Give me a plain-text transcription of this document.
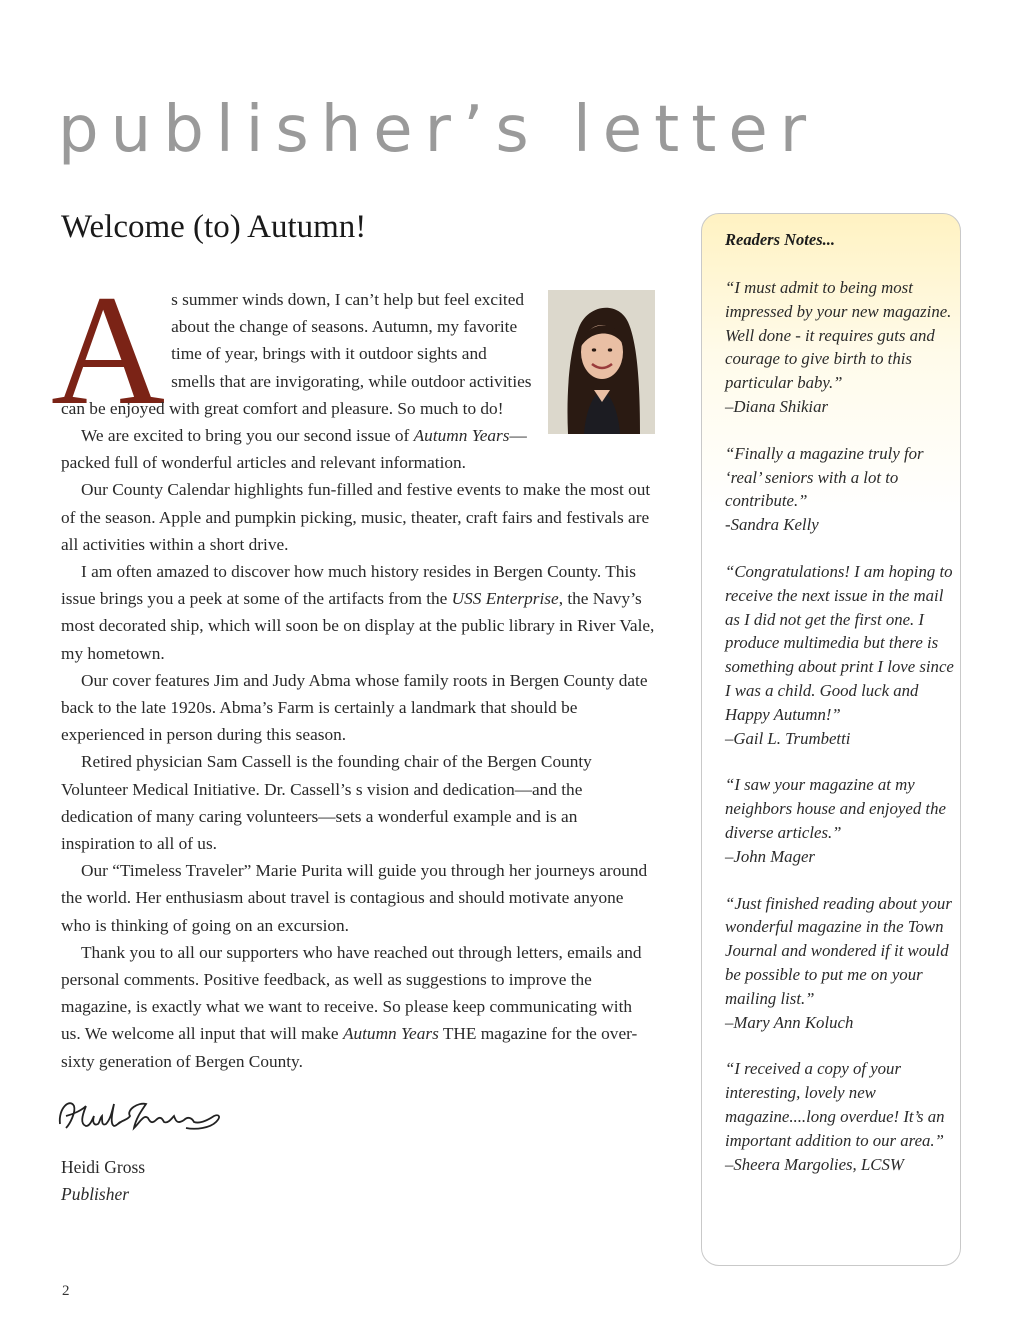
publisher’s letter
Welcome (to) Autumn!

As summer winds down, I can’t help but feel excited about the change of seasons. Autumn, my favorite time of year, brings with it outdoor sights and smells that are invigorating, while outdoor activities can be enjoyed with great comfort and pleasure. So much to do!

We are excited to bring you our second issue of Autumn Years—packed full of wonderful articles and relevant information.

Our County Calendar highlights fun-filled and festive events to make the most out of the season. Apple and pumpkin picking, music, theater, craft fairs and festivals are all activities within a short drive.

I am often amazed to discover how much history resides in Bergen County. This issue brings you a peek at some of the artifacts from the USS Enterprise, the Navy’s most decorated ship, which will soon be on display at the public library in River Vale, my hometown.

Our cover features Jim and Judy Abma whose family roots in Bergen County date back to the late 1920s. Abma’s Farm is certainly a landmark that should be experienced in person during this season.

Retired physician Sam Cassell is the founding chair of the Bergen County Volunteer Medical Initiative. Dr. Cassell’s s vision and dedication—and the dedication of many caring volunteers—sets a wonderful example and is an inspiration to all of us.

Our “Timeless Traveler” Marie Purita will guide you through her journeys around the world. Her enthusiasm about travel is contagious and should motivate anyone who is thinking of going on an excursion.

Thank you to all our supporters who have reached out through letters, emails and personal comments. Positive feedback, as well as suggestions to improve the magazine, is exactly what we want to receive. So please keep communicating with us. We welcome all input that will make Autumn Years THE magazine for the over-sixty generation of Bergen County.

Heidi Gross
Publisher
2
Readers Notes...
“I must admit to being most impressed by your new magazine. Well done - it requires guts and courage to give birth to this particular baby.”
–Diana Shikiar
“Finally a magazine truly for ‘real’ seniors with a lot to contribute.”
-Sandra Kelly
“Congratulations! I am hoping to receive the next issue in the mail as I did not get the first one. I produce multimedia but there is something about print I love since I was a child. Good luck and Happy Autumn!”
–Gail L. Trumbetti
“I saw your magazine at my neighbors house and enjoyed the diverse articles.”
–John Mager
“Just finished reading about your wonderful magazine in the Town Journal and wondered if it would be possible to put me on your mailing list.”
–Mary Ann Koluch
“I received a copy of your interesting, lovely new magazine....long overdue! It’s an important addition to our area.”
–Sheera Margolies, LCSW
